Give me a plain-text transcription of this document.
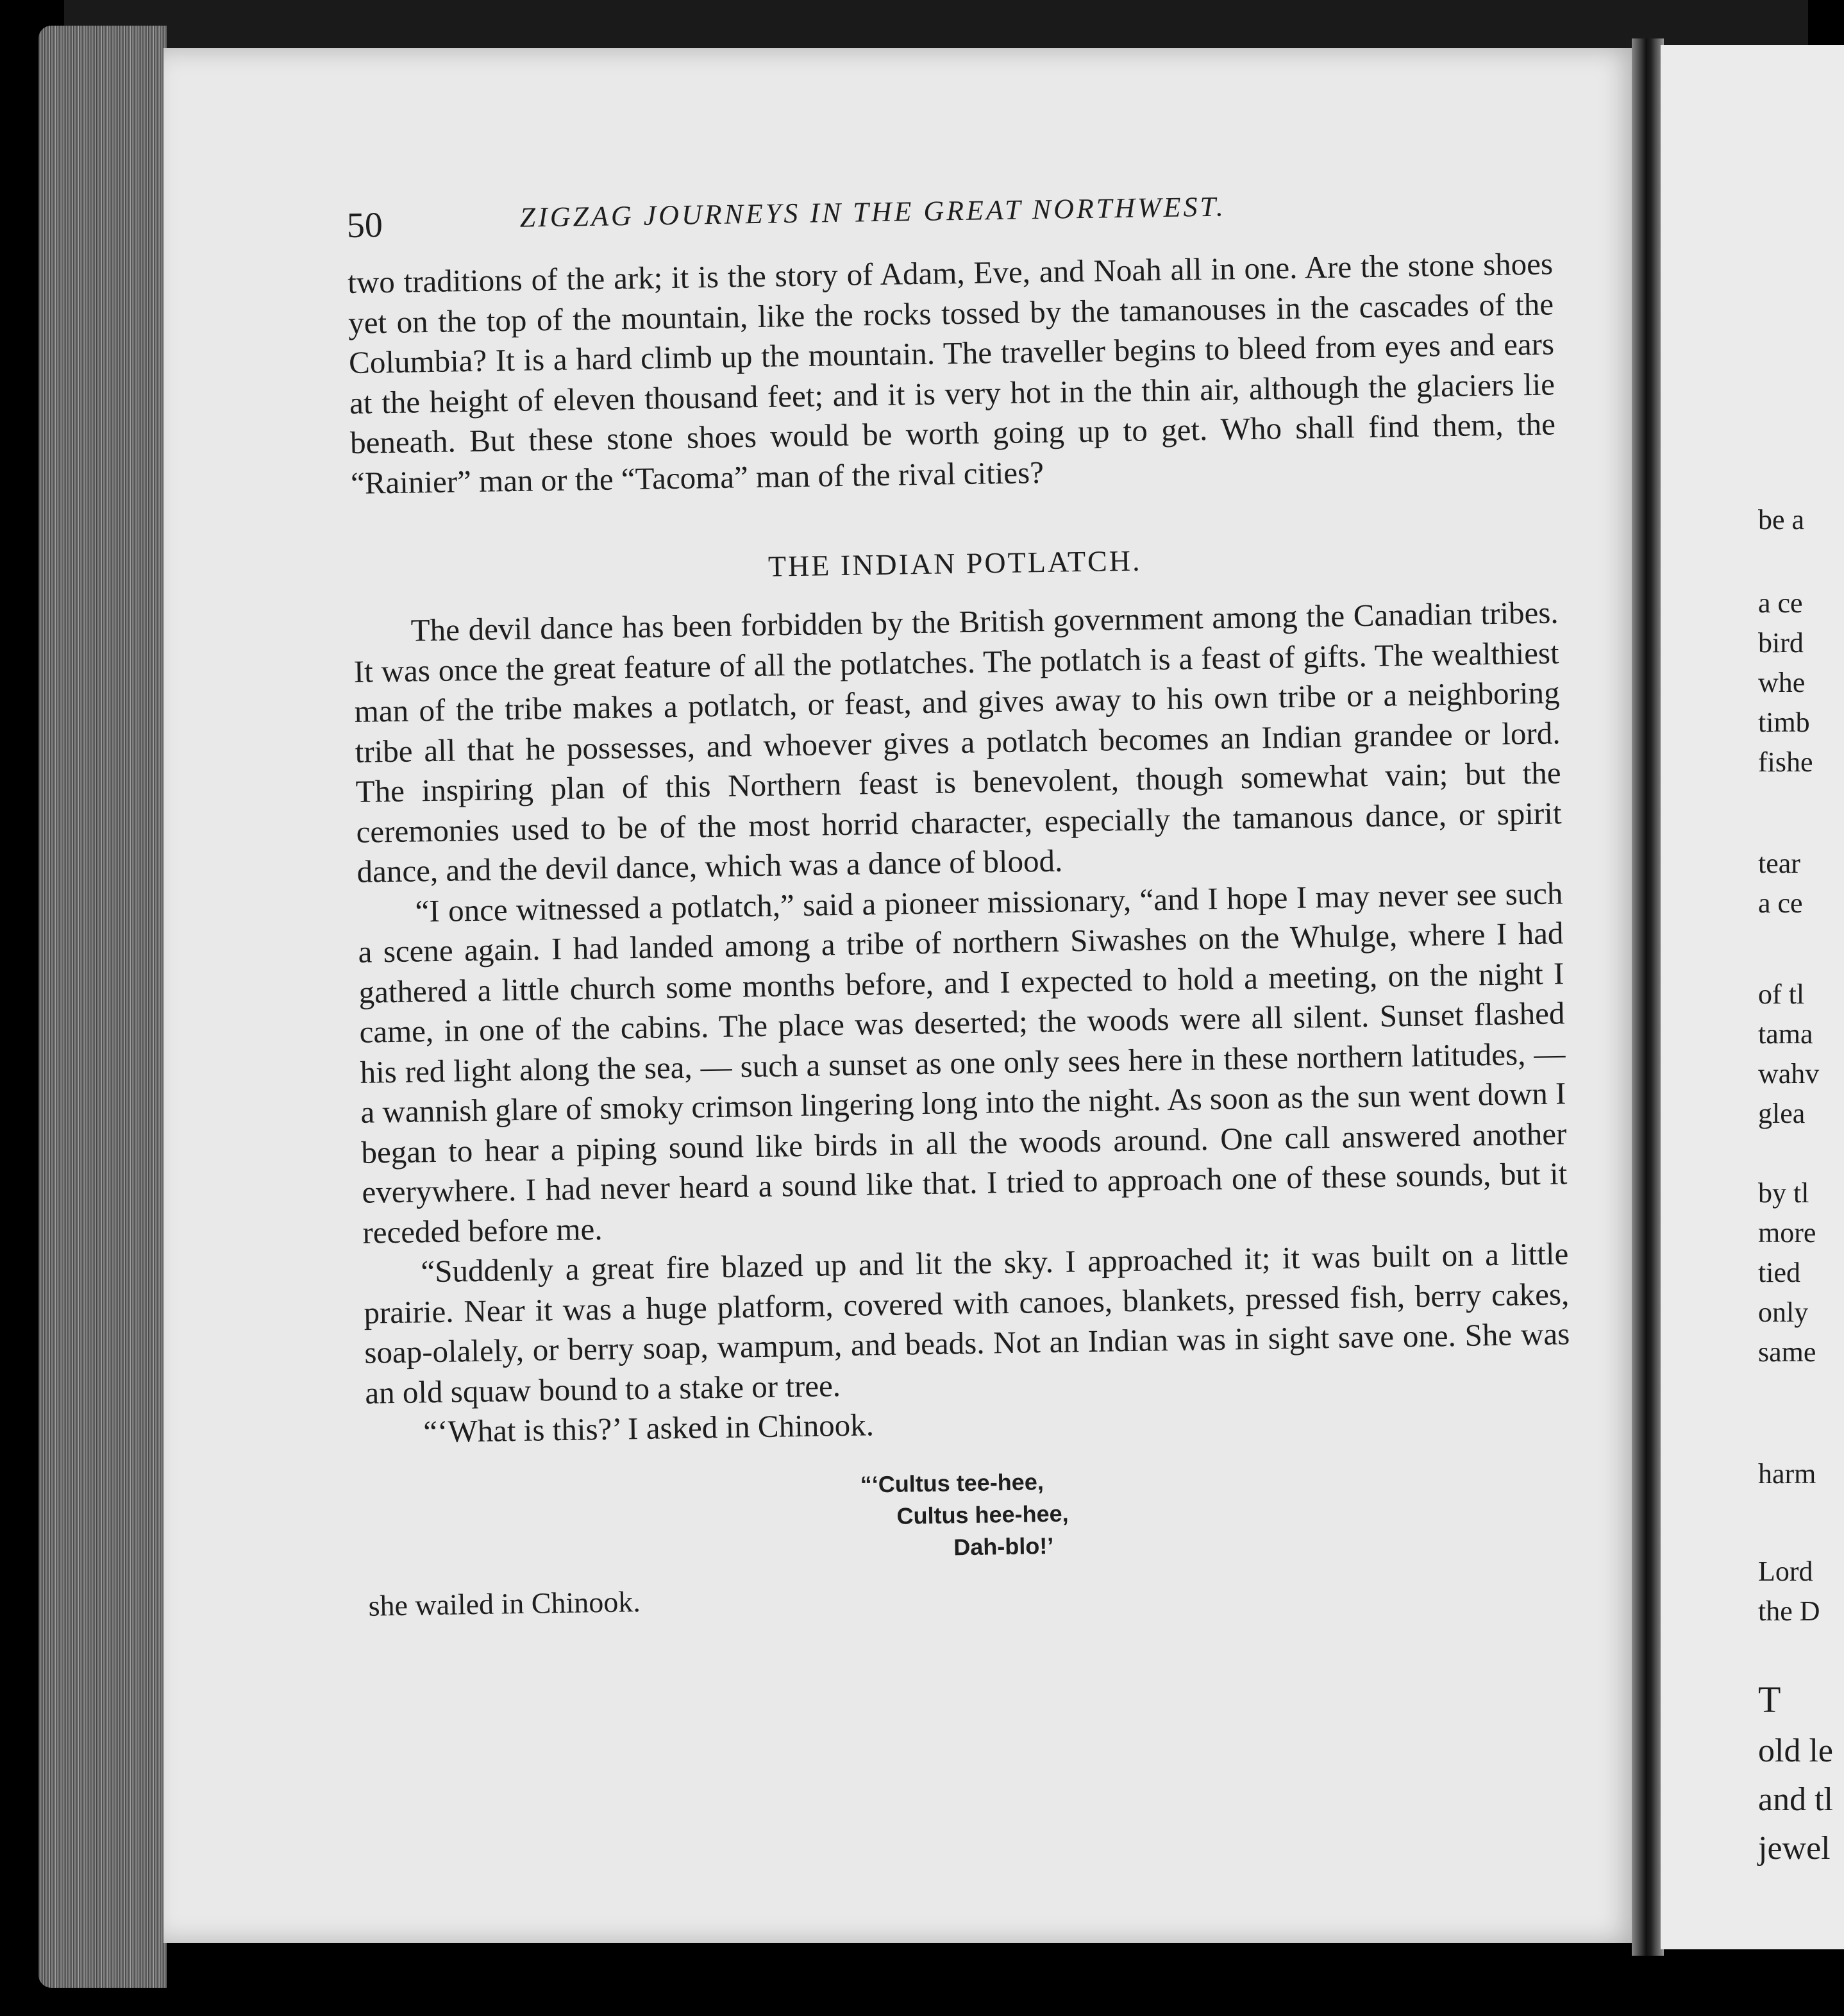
50	ZIGZAG JOURNEYS IN THE GREAT NORTHWEST.

two traditions of the ark; it is the story of Adam, Eve, and Noah all in one. Are the stone shoes yet on the top of the mountain, like the rocks tossed by the tamanouses in the cascades of the Columbia? It is a hard climb up the mountain. The traveller begins to bleed from eyes and ears at the height of eleven thousand feet; and it is very hot in the thin air, although the glaciers lie beneath. But these stone shoes would be worth going up to get. Who shall find them, the “Rainier” man or the “Tacoma” man of the rival cities?

THE INDIAN POTLATCH.

The devil dance has been forbidden by the British government among the Canadian tribes. It was once the great feature of all the potlatches. The potlatch is a feast of gifts. The wealthiest man of the tribe makes a potlatch, or feast, and gives away to his own tribe or a neighboring tribe all that he possesses, and whoever gives a potlatch becomes an Indian grandee or lord. The inspiring plan of this Northern feast is benevolent, though somewhat vain; but the ceremonies used to be of the most horrid character, especially the tamanous dance, or spirit dance, and the devil dance, which was a dance of blood.

“I once witnessed a potlatch,” said a pioneer missionary, “and I hope I may never see such a scene again. I had landed among a tribe of northern Siwashes on the Whulge, where I had gathered a little church some months before, and I expected to hold a meeting, on the night I came, in one of the cabins. The place was deserted; the woods were all silent. Sunset flashed his red light along the sea, — such a sunset as one only sees here in these northern latitudes, — a wannish glare of smoky crimson lingering long into the night. As soon as the sun went down I began to hear a piping sound like birds in all the woods around. One call answered another everywhere. I had never heard a sound like that. I tried to approach one of these sounds, but it receded before me.

“Suddenly a great fire blazed up and lit the sky. I approached it; it was built on a little prairie. Near it was a huge platform, covered with canoes, blankets, pressed fish, berry cakes, soap-olalely, or berry soap, wampum, and beads. Not an Indian was in sight save one. She was an old squaw bound to a stake or tree.

“‘What is this?’ I asked in Chinook.

“‘Cultus tee-hee,
Cultus hee-hee,
Dah-blo!’

she wailed in Chinook.

be a

a ce

bird

whe

timb

fishe

tear

a ce

of tl

tama

wahv

glea

by tl

more

tied

only

same

harm

Lord

the D

T

old le

and tl

jewel
